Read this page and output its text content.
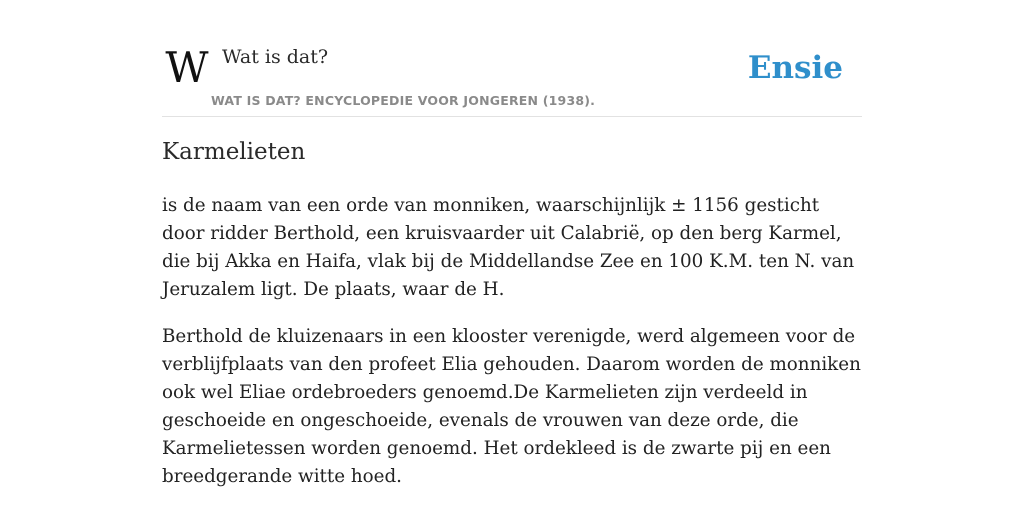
W Wat is dat?
WAT IS DAT? ENCYCLOPEDIE VOOR JONGEREN (1938).
Ensie
Karmelieten

is de naam van een orde van monniken, waarschijnlijk ± 1156 gesticht door ridder Berthold, een kruisvaarder uit Calabrië, op den berg Karmel, die bij Akka en Haifa, vlak bij de Middellandse Zee en 100 K.M. ten N. van Jeruzalem ligt. De plaats, waar de H.

Berthold de kluizenaars in een klooster verenigde, werd algemeen voor de verblijfplaats van den profeet Elia gehouden. Daarom worden de monniken ook wel Eliae ordebroeders genoemd.De Karmelieten zijn verdeeld in geschoeide en ongeschoeide, evenals de vrouwen van deze orde, die Karmelietessen worden genoemd. Het ordekleed is de zwarte pij en een breedgerande witte hoed.
